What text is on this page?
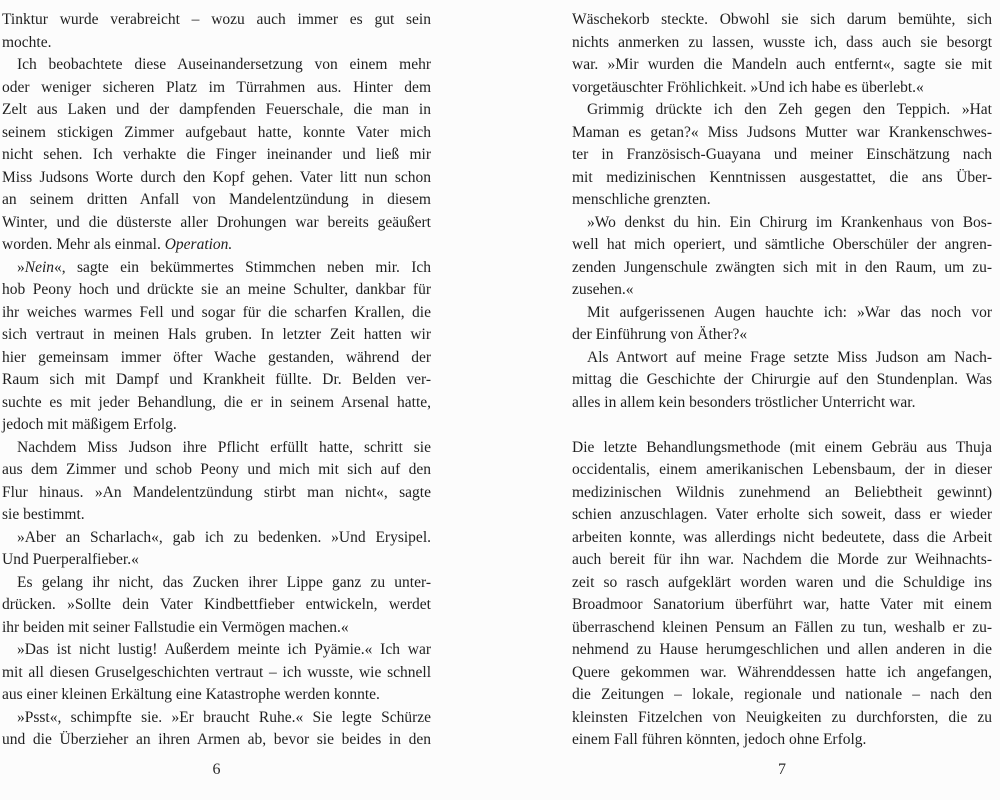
Tinktur wurde verabreicht – wozu auch immer es gut sein
mochte.
Ich beobachtete diese Auseinandersetzung von einem mehr
oder weniger sicheren Platz im Türrahmen aus. Hinter dem
Zelt aus Laken und der dampfenden Feuerschale, die man in
seinem stickigen Zimmer aufgebaut hatte, konnte Vater mich
nicht sehen. Ich verhakte die Finger ineinander und ließ mir
Miss Judsons Worte durch den Kopf gehen. Vater litt nun schon
an seinem dritten Anfall von Mandelentzündung in diesem
Winter, und die düsterste aller Drohungen war bereits geäußert
worden. Mehr als einmal. Operation.
»Nein«, sagte ein bekümmertes Stimmchen neben mir. Ich
hob Peony hoch und drückte sie an meine Schulter, dankbar für
ihr weiches warmes Fell und sogar für die scharfen Krallen, die
sich vertraut in meinen Hals gruben. In letzter Zeit hatten wir
hier gemeinsam immer öfter Wache gestanden, während der
Raum sich mit Dampf und Krankheit füllte. Dr. Belden ver-
suchte es mit jeder Behandlung, die er in seinem Arsenal hatte,
jedoch mit mäßigem Erfolg.
Nachdem Miss Judson ihre Pflicht erfüllt hatte, schritt sie
aus dem Zimmer und schob Peony und mich mit sich auf den
Flur hinaus. »An Mandelentzündung stirbt man nicht«, sagte
sie bestimmt.
»Aber an Scharlach«, gab ich zu bedenken. »Und Erysipel.
Und Puerperalfieber.«
Es gelang ihr nicht, das Zucken ihrer Lippe ganz zu unter-
drücken. »Sollte dein Vater Kindbettfieber entwickeln, werdet
ihr beiden mit seiner Fallstudie ein Vermögen machen.«
»Das ist nicht lustig! Außerdem meinte ich Pyämie.« Ich war
mit all diesen Gruselgeschichten vertraut – ich wusste, wie schnell
aus einer kleinen Erkältung eine Katastrophe werden konnte.
»Psst«, schimpfte sie. »Er braucht Ruhe.« Sie legte Schürze
und die Überzieher an ihren Armen ab, bevor sie beides in den
6
Wäschekorb steckte. Obwohl sie sich darum bemühte, sich
nichts anmerken zu lassen, wusste ich, dass auch sie besorgt
war. »Mir wurden die Mandeln auch entfernt«, sagte sie mit
vorgetäuschter Fröhlichkeit. »Und ich habe es überlebt.«
Grimmig drückte ich den Zeh gegen den Teppich. »Hat
Maman es getan?« Miss Judsons Mutter war Krankenschwes-
ter in Französisch-Guayana und meiner Einschätzung nach
mit medizinischen Kenntnissen ausgestattet, die ans Über-
menschliche grenzten.
»Wo denkst du hin. Ein Chirurg im Krankenhaus von Bos-
well hat mich operiert, und sämtliche Oberschüler der angren-
zenden Jungenschule zwängten sich mit in den Raum, um zu-
zusehen.«
Mit aufgerissenen Augen hauchte ich: »War das noch vor
der Einführung von Äther?«
Als Antwort auf meine Frage setzte Miss Judson am Nach-
mittag die Geschichte der Chirurgie auf den Stundenplan. Was
alles in allem kein besonders tröstlicher Unterricht war.

Die letzte Behandlungsmethode (mit einem Gebräu aus Thuja
occidentalis, einem amerikanischen Lebensbaum, der in dieser
medizinischen Wildnis zunehmend an Beliebtheit gewinnt)
schien anzuschlagen. Vater erholte sich soweit, dass er wieder
arbeiten konnte, was allerdings nicht bedeutete, dass die Arbeit
auch bereit für ihn war. Nachdem die Morde zur Weihnachts-
zeit so rasch aufgeklärt worden waren und die Schuldige ins
Broadmoor Sanatorium überführt war, hatte Vater mit einem
überraschend kleinen Pensum an Fällen zu tun, weshalb er zu-
nehmend zu Hause herumgeschlichen und allen anderen in die
Quere gekommen war. Währenddessen hatte ich angefangen,
die Zeitungen – lokale, regionale und nationale – nach den
kleinsten Fitzelchen von Neuigkeiten zu durchforsten, die zu
einem Fall führen könnten, jedoch ohne Erfolg.
7
